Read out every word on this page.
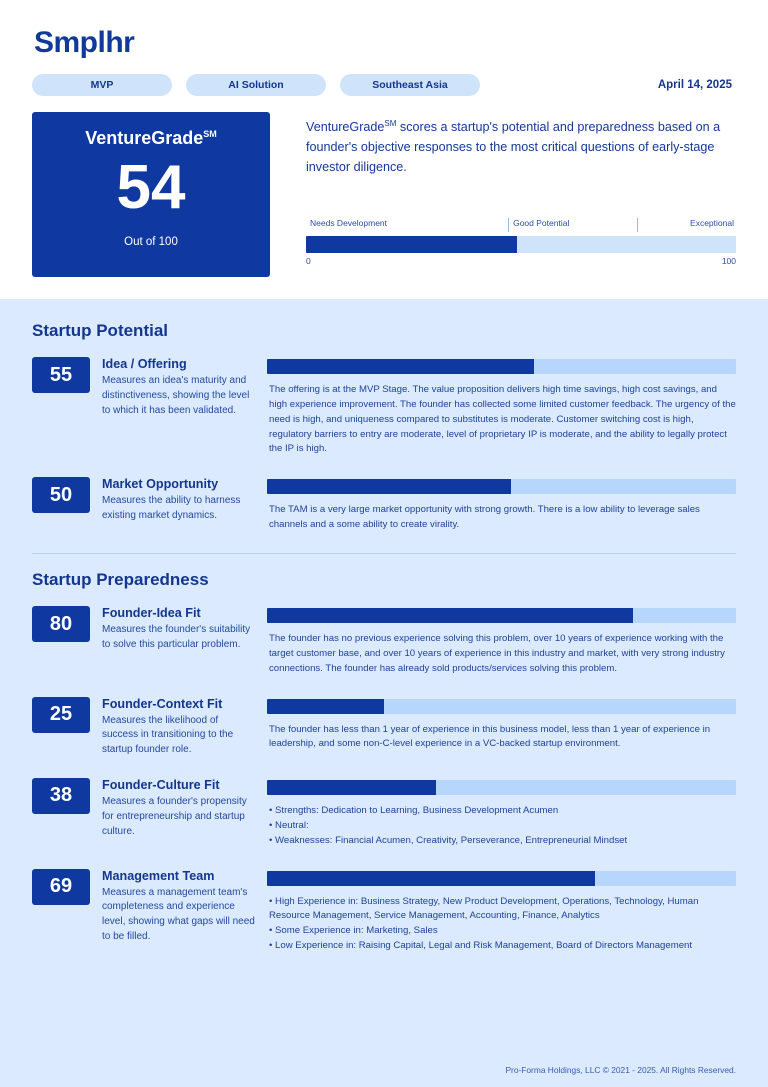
Smplhr
MVP	AI Solution	Southeast Asia	April 14, 2025
VentureGrade℠
54
Out of 100

VentureGrade℠ scores a startup's potential and preparedness based on a founder's objective responses to the most critical questions of early-stage investor diligence.

Needs Development	Good Potential	Exceptional
0	100
Startup Potential
55	Idea / Offering

Measures an idea's maturity and distinctiveness, showing the level to which it has been validated.

The offering is at the MVP Stage. The value proposition delivers high time savings, high cost savings, and high experience improvement. The founder has collected some limited customer feedback. The urgency of the need is high, and uniqueness compared to substitutes is moderate. Customer switching cost is high, regulatory barriers to entry are moderate, level of proprietary IP is moderate, and the ability to legally protect the IP is high.

50	Market Opportunity

Measures the ability to harness existing market dynamics.

The TAM is a very large market opportunity with strong growth. There is a low ability to leverage sales channels and a some ability to create virality.

Startup Preparedness
80	Founder-Idea Fit

Measures the founder's suitability to solve this particular problem.

The founder has no previous experience solving this problem, over 10 years of experience working with the target customer base, and over 10 years of experience in this industry and market, with very strong industry connections. The founder has already sold products/services solving this problem.

25	Founder-Context Fit

Measures the likelihood of success in transitioning to the startup founder role.

The founder has less than 1 year of experience in this business model, less than 1 year of experience in leadership, and some non-C-level experience in a VC-backed startup environment.

38	Founder-Culture Fit

Measures a founder's propensity for entrepreneurship and startup culture.

• Strengths: Dedication to Learning, Business Development Acumen
• Neutral:
• Weaknesses: Financial Acumen, Creativity, Perseverance, Entrepreneurial Mindset

69	Management Team

Measures a management team's completeness and experience level, showing what gaps will need to be filled.

• High Experience in: Business Strategy, New Product Development, Operations, Technology, Human Resource Management, Service Management, Accounting, Finance, Analytics
• Some Experience in: Marketing, Sales
• Low Experience in: Raising Capital, Legal and Risk Management, Board of Directors Management

Pro-Forma Holdings, LLC © 2021 - 2025. All Rights Reserved.
